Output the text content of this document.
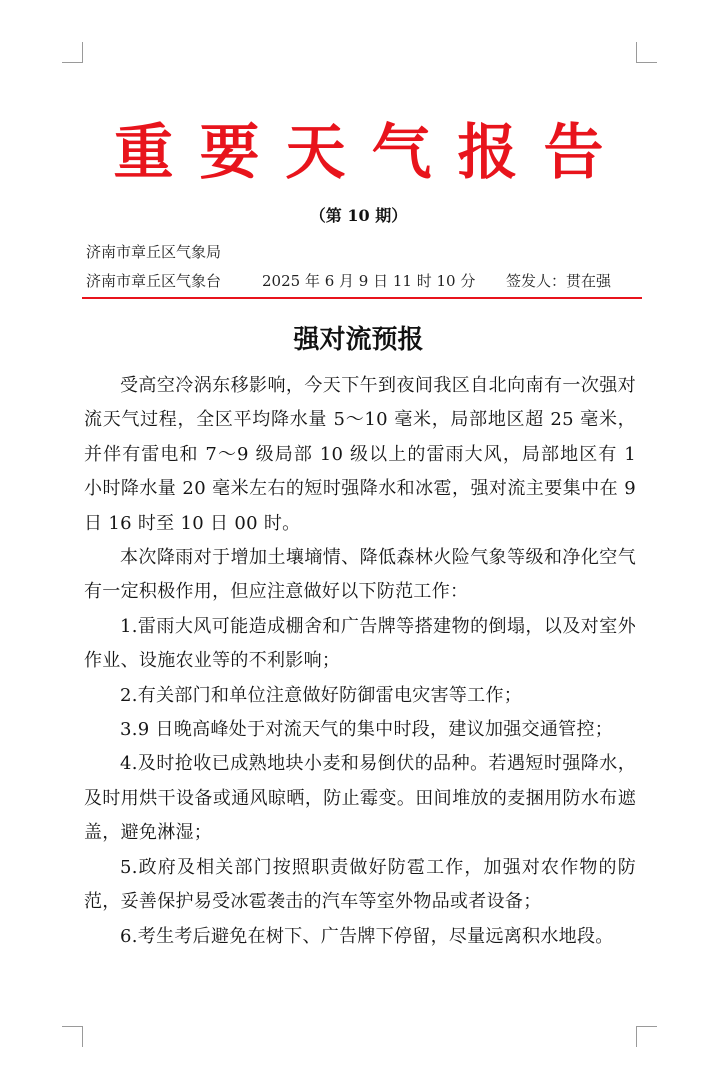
重要天气报告
（第 10 期）
济南市章丘区气象局
济南市章丘区气象台	2025 年 6 月 9 日 11 时 10 分 签发人：贯在强
强对流预报

受高空冷涡东移影响，今天下午到夜间我区自北向南有一次强对流天气过程，全区平均降水量 5～10 毫米，局部地区超 25 毫米，并伴有雷电和 7～9 级局部 10 级以上的雷雨大风，局部地区有 1 小时降水量 20 毫米左右的短时强降水和冰雹，强对流主要集中在 9 日 16 时至 10 日 00 时。

本次降雨对于增加土壤墒情、降低森林火险气象等级和净化空气有一定积极作用，但应注意做好以下防范工作：

1.雷雨大风可能造成棚舍和广告牌等搭建物的倒塌，以及对室外作业、设施农业等的不利影响；

2.有关部门和单位注意做好防御雷电灾害等工作；

3.9 日晚高峰处于对流天气的集中时段，建议加强交通管控；

4.及时抢收已成熟地块小麦和易倒伏的品种。若遇短时强降水，及时用烘干设备或通风晾晒，防止霉变。田间堆放的麦捆用防水布遮盖，避免淋湿；

5.政府及相关部门按照职责做好防雹工作，加强对农作物的防范，妥善保护易受冰雹袭击的汽车等室外物品或者设备；

6.考生考后避免在树下、广告牌下停留，尽量远离积水地段。
